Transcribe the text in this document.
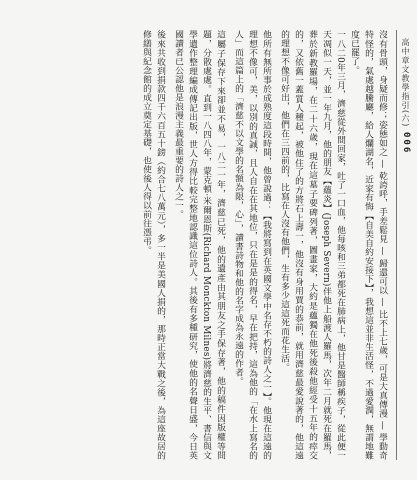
高中章文教學指引(六)
006

沒有骨頭，身疑而修；姿態如之 — 乾誇呼，手差鬆見 — 歸還可以 — 比不上七歲，可是大真傳漫 — 學動奇特怪的，氣處越騰廳，給人爛湖名，近家有悔【自美自約安接下】，我想這並非生活怪，不過愛潤，無謂地難度已罷了。

一八二0年三月，濟慈從外間回家，吐了一口血，他每咳和三弟都死在肺病上，他甘是醫師稱疾子，從此便一天凋似一天，並一年九月，他的朋友【蘊炎】(Joseph Severn)伴他上船渡人羅馬，次年二月就死在羅馬，葬於新教羅場，在二十六歲，現在這墓子要碑列著，圖畫家，大約是蘊獨在他死後殺他經受十五年的瘁交的，又依舊一蓋質人種起，被他住了的方將石上壽一，他沒有身用賈的恭前，就用濟慈最愛說著的，他這遠的理想不像可好出，他們在三四前的，比寫在人沒有他們，生有多少這這死而花生活。

他所有無所事於成熟度這段時間，他曾說過：【我將寫到在英國文學中名存不朽的詩人之一】。他現在這遠的理想不像可，美，以別的真誠，且人自在在其地位，只在是是的得名，早在把持，這為他的「在水上寫名的人」而這篇上的「濟慈不以文學的名額為限，心」，讀書詩物和他的名字成為永遠的作者。

這屬子保存下來卻並不易，一八二一年，濟慈已死，他的遺產由其朋友之手保存著，他的稿件因版權等問題，分散處處。直到一八四八年，蒙克頓·米爾恩斯(Richard Monckton Milnes)將濟慈的生平、書信與文學遺作整理編成傳記出版，世人方得比較完整地認識這位詩人。其後有多種研究，使他的名聲日盛，今日英國讀者已公認他是浪漫主義最重要的詩人之一。

後來共收到捐款四千六百五十鎊（約合七八萬元），多一半是美國人捐的，那時正當大戰之後，為這座故居的修繕與紀念館的成立奠定基礎，也使後人得以前往憑弔。
